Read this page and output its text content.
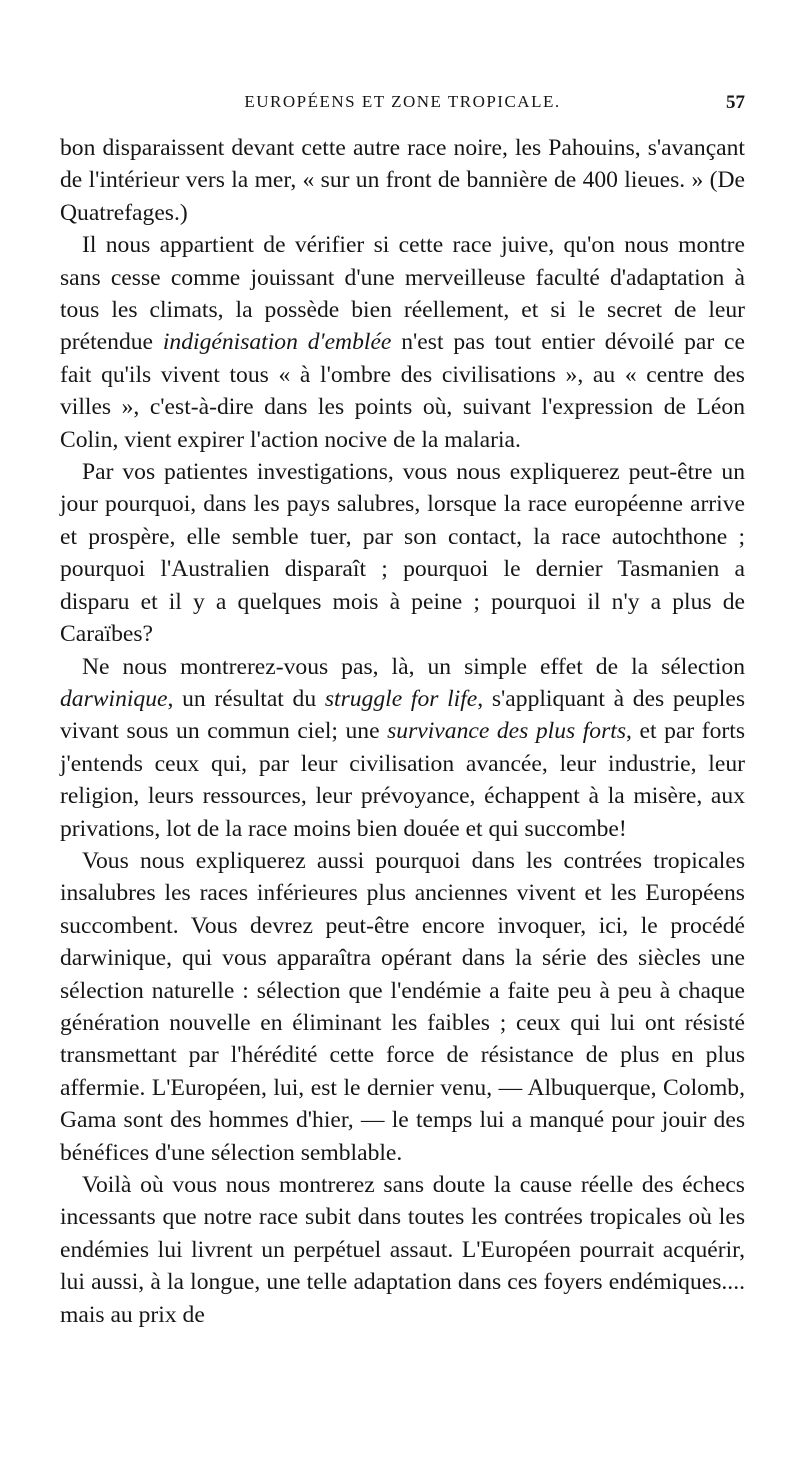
EUROPÉENS ET ZONE TROPICALE.	57

bon disparaissent devant cette autre race noire, les Pahouins, s'avançant de l'intérieur vers la mer, « sur un front de bannière de 400 lieues. » (De Quatrefages.)

Il nous appartient de vérifier si cette race juive, qu'on nous montre sans cesse comme jouissant d'une merveilleuse faculté d'adaptation à tous les climats, la possède bien réellement, et si le secret de leur prétendue indigénisation d'emblée n'est pas tout entier dévoilé par ce fait qu'ils vivent tous « à l'ombre des civilisations », au « centre des villes », c'est-à-dire dans les points où, suivant l'expression de Léon Colin, vient expirer l'action nocive de la malaria.

Par vos patientes investigations, vous nous expliquerez peut-être un jour pourquoi, dans les pays salubres, lorsque la race européenne arrive et prospère, elle semble tuer, par son contact, la race autochthone ; pourquoi l'Australien disparaît ; pourquoi le dernier Tasmanien a disparu et il y a quelques mois à peine ; pourquoi il n'y a plus de Caraïbes?

Ne nous montrerez-vous pas, là, un simple effet de la sélection darwinique, un résultat du struggle for life, s'appliquant à des peuples vivant sous un commun ciel; une survivance des plus forts, et par forts j'entends ceux qui, par leur civilisation avancée, leur industrie, leur religion, leurs ressources, leur prévoyance, échappent à la misère, aux privations, lot de la race moins bien douée et qui succombe!

Vous nous expliquerez aussi pourquoi dans les contrées tropicales insalubres les races inférieures plus anciennes vivent et les Européens succombent. Vous devrez peut-être encore invoquer, ici, le procédé darwinique, qui vous apparaîtra opérant dans la série des siècles une sélection naturelle : sélection que l'endémie a faite peu à peu à chaque génération nouvelle en éliminant les faibles ; ceux qui lui ont résisté transmettant par l'hérédité cette force de résistance de plus en plus affermie. L'Européen, lui, est le dernier venu, — Albuquerque, Colomb, Gama sont des hommes d'hier, — le temps lui a manqué pour jouir des bénéfices d'une sélection semblable.

Voilà où vous nous montrerez sans doute la cause réelle des échecs incessants que notre race subit dans toutes les contrées tropicales où les endémies lui livrent un perpétuel assaut. L'Européen pourrait acquérir, lui aussi, à la longue, une telle adaptation dans ces foyers endémiques.... mais au prix de
